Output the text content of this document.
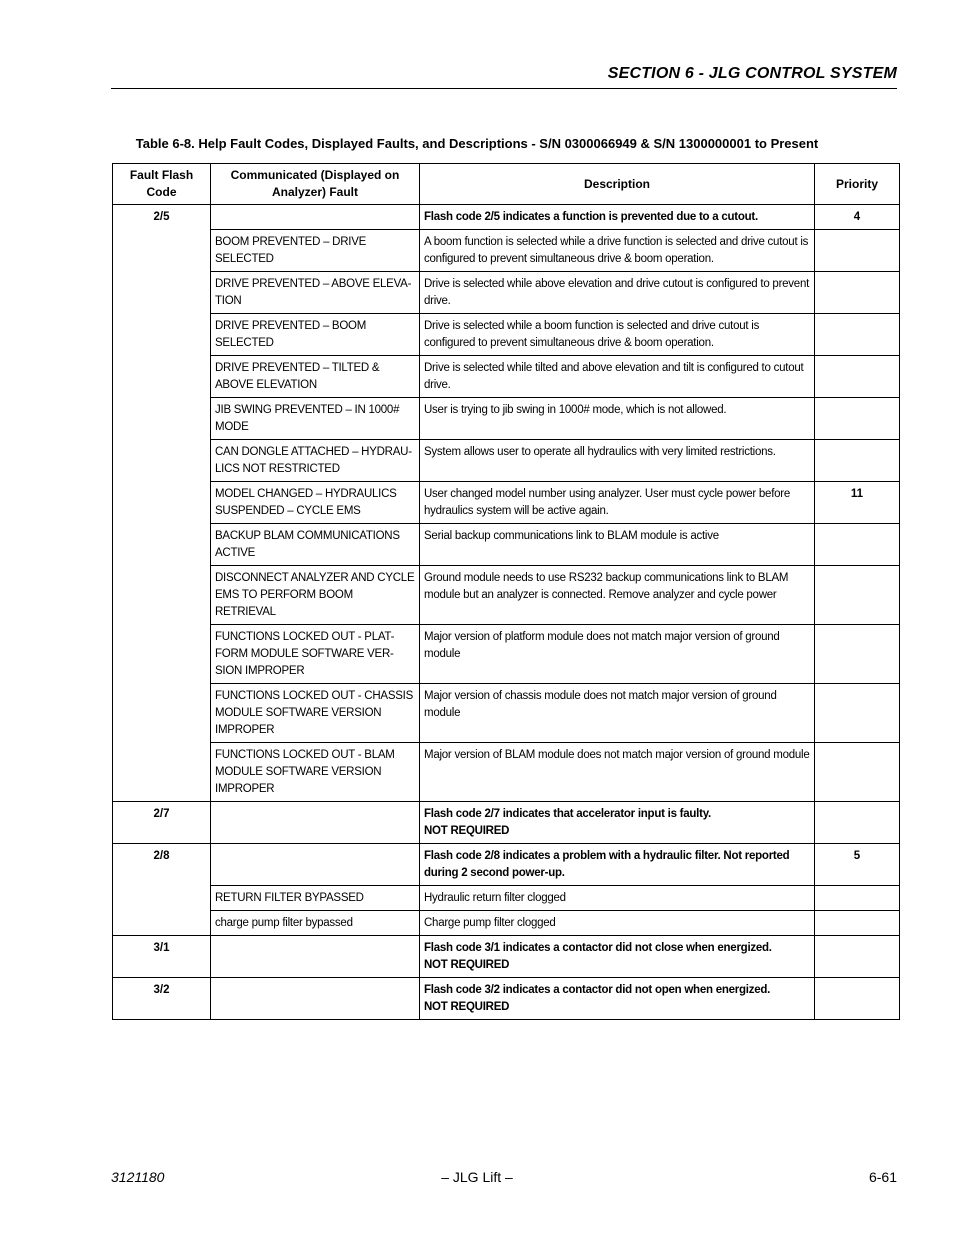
SECTION 6 - JLG CONTROL SYSTEM
Table 6-8. Help Fault Codes, Displayed Faults, and Descriptions - S/N 0300066949 & S/N 1300000001 to Present
Fault Flash Code	Communicated (Displayed on Analyzer) Fault	Description	Priority
2/5		Flash code 2/5 indicates a function is prevented due to a cutout.	4
	BOOM PREVENTED – DRIVE SELECTED	A boom function is selected while a drive function is selected and drive cutout is configured to prevent simultaneous drive & boom operation.	
	DRIVE PREVENTED – ABOVE ELEVA-TION	Drive is selected while above elevation and drive cutout is configured to prevent drive.	
	DRIVE PREVENTED – BOOM SELECTED	Drive is selected while a boom function is selected and drive cutout is configured to prevent simultaneous drive & boom operation.	
	DRIVE PREVENTED – TILTED & ABOVE ELEVATION	Drive is selected while tilted and above elevation and tilt is configured to cutout drive.	
	JIB SWING PREVENTED – IN 1000# MODE	User is trying to jib swing in 1000# mode, which is not allowed.	
	CAN DONGLE ATTACHED – HYDRAU-LICS NOT RESTRICTED	System allows user to operate all hydraulics with very limited restrictions.	
	MODEL CHANGED – HYDRAULICS SUSPENDED – CYCLE EMS	User changed model number using analyzer. User must cycle power before hydraulics system will be active again.	11
	BACKUP BLAM COMMUNICATIONS ACTIVE	Serial backup communications link to BLAM module is active	
	DISCONNECT ANALYZER AND CYCLE EMS TO PERFORM BOOM RETRIEVAL	Ground module needs to use RS232 backup communications link to BLAM module but an analyzer is connected. Remove analyzer and cycle power	
	FUNCTIONS LOCKED OUT - PLAT-FORM MODULE SOFTWARE VER-SION IMPROPER	Major version of platform module does not match major version of ground module	
	FUNCTIONS LOCKED OUT - CHASSIS MODULE SOFTWARE VERSION IMPROPER	Major version of chassis module does not match major version of ground module	
	FUNCTIONS LOCKED OUT - BLAM MODULE SOFTWARE VERSION IMPROPER	Major version of BLAM module does not match major version of ground module	
2/7		Flash code 2/7 indicates that accelerator input is faulty.
NOT REQUIRED	

2/8		Flash code 2/8 indicates a problem with a hydraulic filter. Not reported during 2 second power-up.	5
	RETURN FILTER BYPASSED	Hydraulic return filter clogged	
	charge pump filter bypassed	Charge pump filter clogged	
3/1		Flash code 3/1 indicates a contactor did not close when energized.
NOT REQUIRED	

3/2		Flash code 3/2 indicates a contactor did not open when energized.
NOT REQUIRED	

3121180	– JLG Lift –	6-61
